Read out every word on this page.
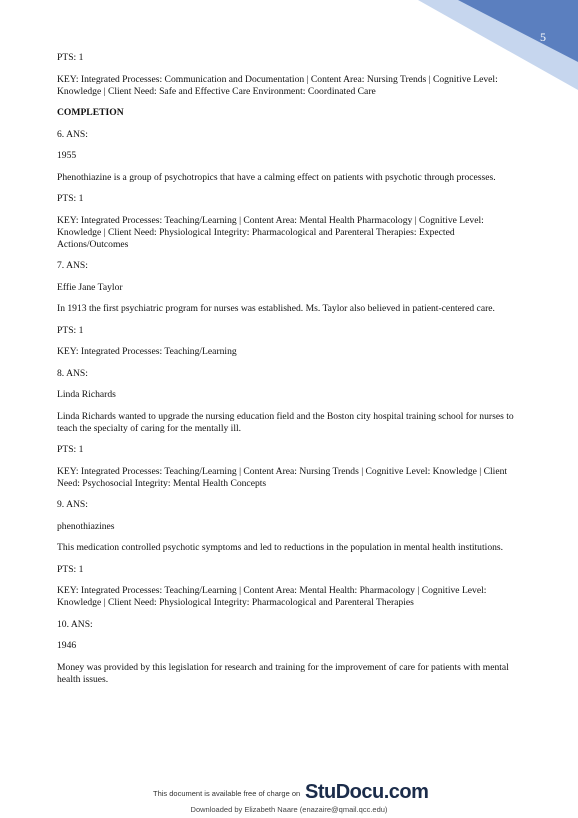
5

PTS: 1

KEY: Integrated Processes: Communication and Documentation | Content Area: Nursing Trends | Cognitive Level: Knowledge | Client Need: Safe and Effective Care Environment: Coordinated Care

COMPLETION

6. ANS:

1955

Phenothiazine is a group of psychotropics that have a calming effect on patients with psychotic through processes.

PTS: 1

KEY: Integrated Processes: Teaching/Learning | Content Area: Mental Health Pharmacology | Cognitive Level: Knowledge | Client Need: Physiological Integrity: Pharmacological and Parenteral Therapies: Expected Actions/Outcomes

7. ANS:

Effie Jane Taylor

In 1913 the first psychiatric program for nurses was established. Ms. Taylor also believed in patient-centered care.

PTS: 1

KEY: Integrated Processes: Teaching/Learning

8. ANS:

Linda Richards

Linda Richards wanted to upgrade the nursing education field and the Boston city hospital training school for nurses to teach the specialty of caring for the mentally ill.

PTS: 1

KEY: Integrated Processes: Teaching/Learning | Content Area: Nursing Trends | Cognitive Level: Knowledge | Client Need: Psychosocial Integrity: Mental Health Concepts

9. ANS:

phenothiazines

This medication controlled psychotic symptoms and led to reductions in the population in mental health institutions.

PTS: 1

KEY: Integrated Processes: Teaching/Learning | Content Area: Mental Health: Pharmacology | Cognitive Level: Knowledge | Client Need: Physiological Integrity: Pharmacological and Parenteral Therapies

10. ANS:

1946

Money was provided by this legislation for research and training for the improvement of care for patients with mental health issues.

This document is available free of charge on StuDocu.com
Downloaded by Elizabeth Naare (enazaire@qmail.qcc.edu)
